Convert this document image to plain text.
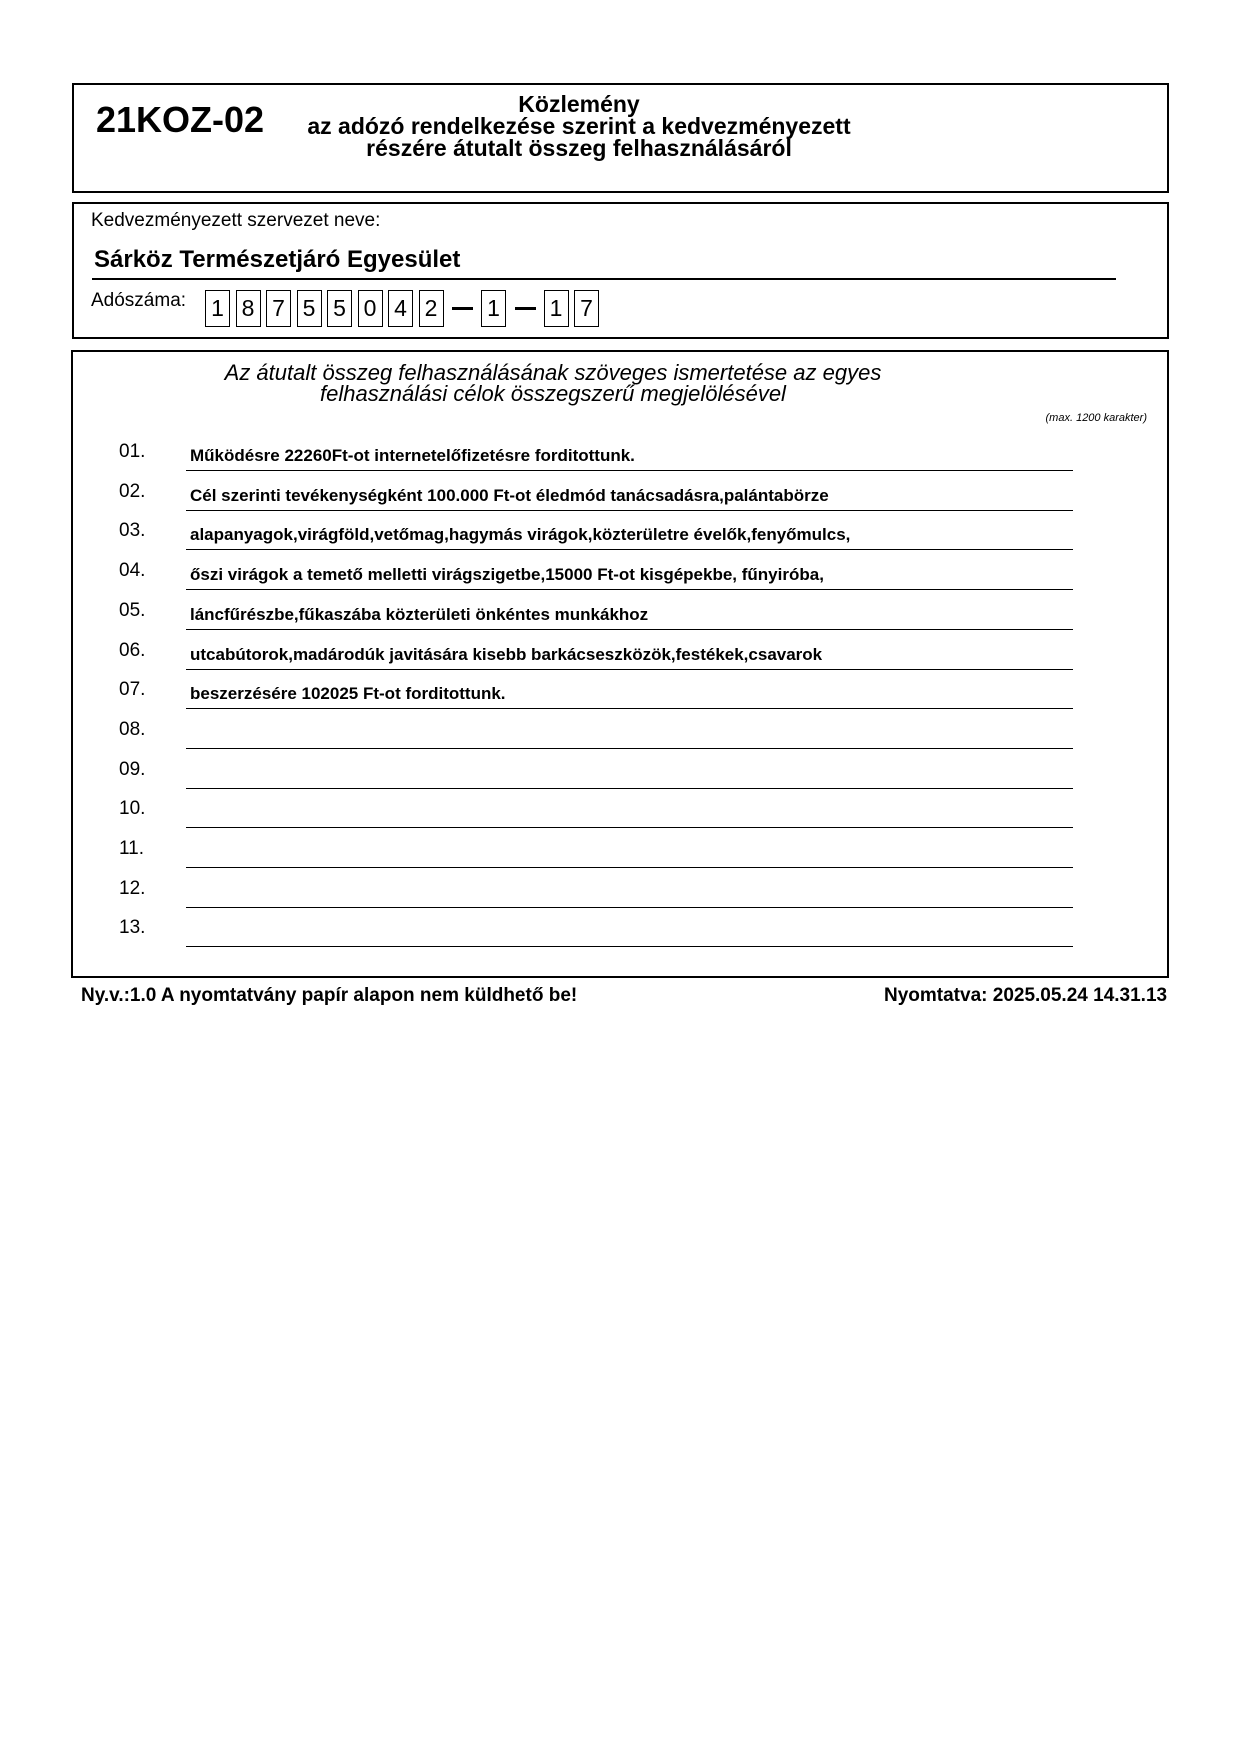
21KOZ-02	Közlemény
az adózó rendelkezése szerint a kedvezményezett
részére átutalt összeg felhasználásáról
Kedvezményezett szervezet neve:
Sárköz Természetjáró Egyesület
Adószáma: 1 8 7 5 5 0 4 2 1 1 7
Az átutalt összeg felhasználásának szöveges ismertetése az egyes
felhasználási célok összegszerű megjelölésével
(max. 1200 karakter)
01.	Működésre 22260Ft-ot internetelőfizetésre forditottunk.
02.	Cél szerinti tevékenységként 100.000 Ft-ot éledmód tanácsadásra,palántabörze
03.	alapanyagok,virágföld,vetőmag,hagymás virágok,közterületre évelők,fenyőmulcs,
04.	őszi virágok a temető melletti virágszigetbe,15000 Ft-ot kisgépekbe, fűnyiróba,
05.	láncfűrészbe,fűkaszába közterületi önkéntes munkákhoz
06.	utcabútorok,madárodúk javitására kisebb barkácseszközök,festékek,csavarok
07.	beszerzésére 102025 Ft-ot forditottunk.
08.
09.
10.
11.
12.
13.
Ny.v.:1.0 A nyomtatvány papír alapon nem küldhető be!	Nyomtatva: 2025.05.24 14.31.13
